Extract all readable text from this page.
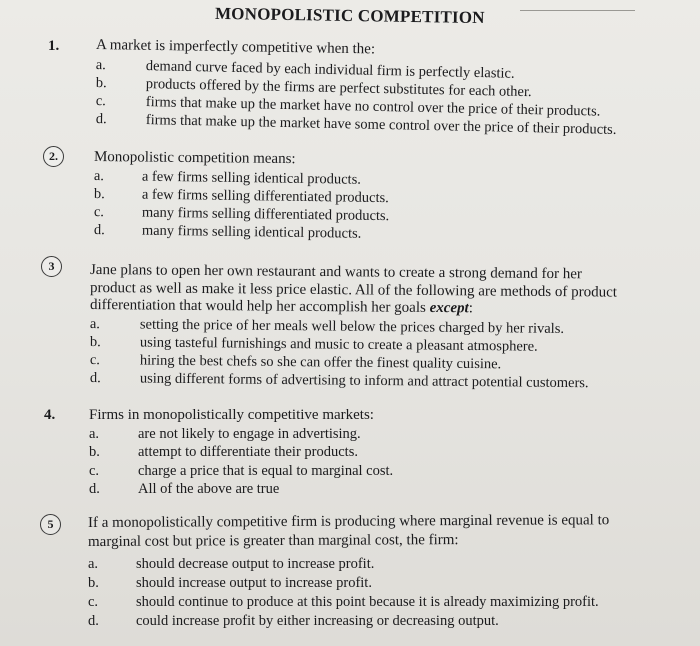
MONOPOLISTIC COMPETITION
1. A market is imperfectly competitive when the:
a.	demand curve faced by each individual firm is perfectly elastic.
b.	products offered by the firms are perfect substitutes for each other.
c.	firms that make up the market have no control over the price of their products.
d.	firms that make up the market have some control over the price of their products.
2.	Monopolistic competition means:
a.	a few firms selling identical products.
b.	a few firms selling differentiated products.
c.	many firms selling differentiated products.
d.	many firms selling identical products.
3	Jane plans to open her own restaurant and wants to create a strong demand for her
product as well as make it less price elastic. All of the following are methods of product
differentiation that would help her accomplish her goals except:
a.	setting the price of her meals well below the prices charged by her rivals.
b.	using tasteful furnishings and music to create a pleasant atmosphere.
c.	hiring the best chefs so she can offer the finest quality cuisine.
d.	using different forms of advertising to inform and attract potential customers.
4. Firms in monopolistically competitive markets:
a.	are not likely to engage in advertising.
b.	attempt to differentiate their products.
c.	charge a price that is equal to marginal cost.
d.	All of the above are true
5	If a monopolistically competitive firm is producing where marginal revenue is equal to
marginal cost but price is greater than marginal cost, the firm:
a.	should decrease output to increase profit.
b.	should increase output to increase profit.
c.	should continue to produce at this point because it is already maximizing profit.
d.	could increase profit by either increasing or decreasing output.
